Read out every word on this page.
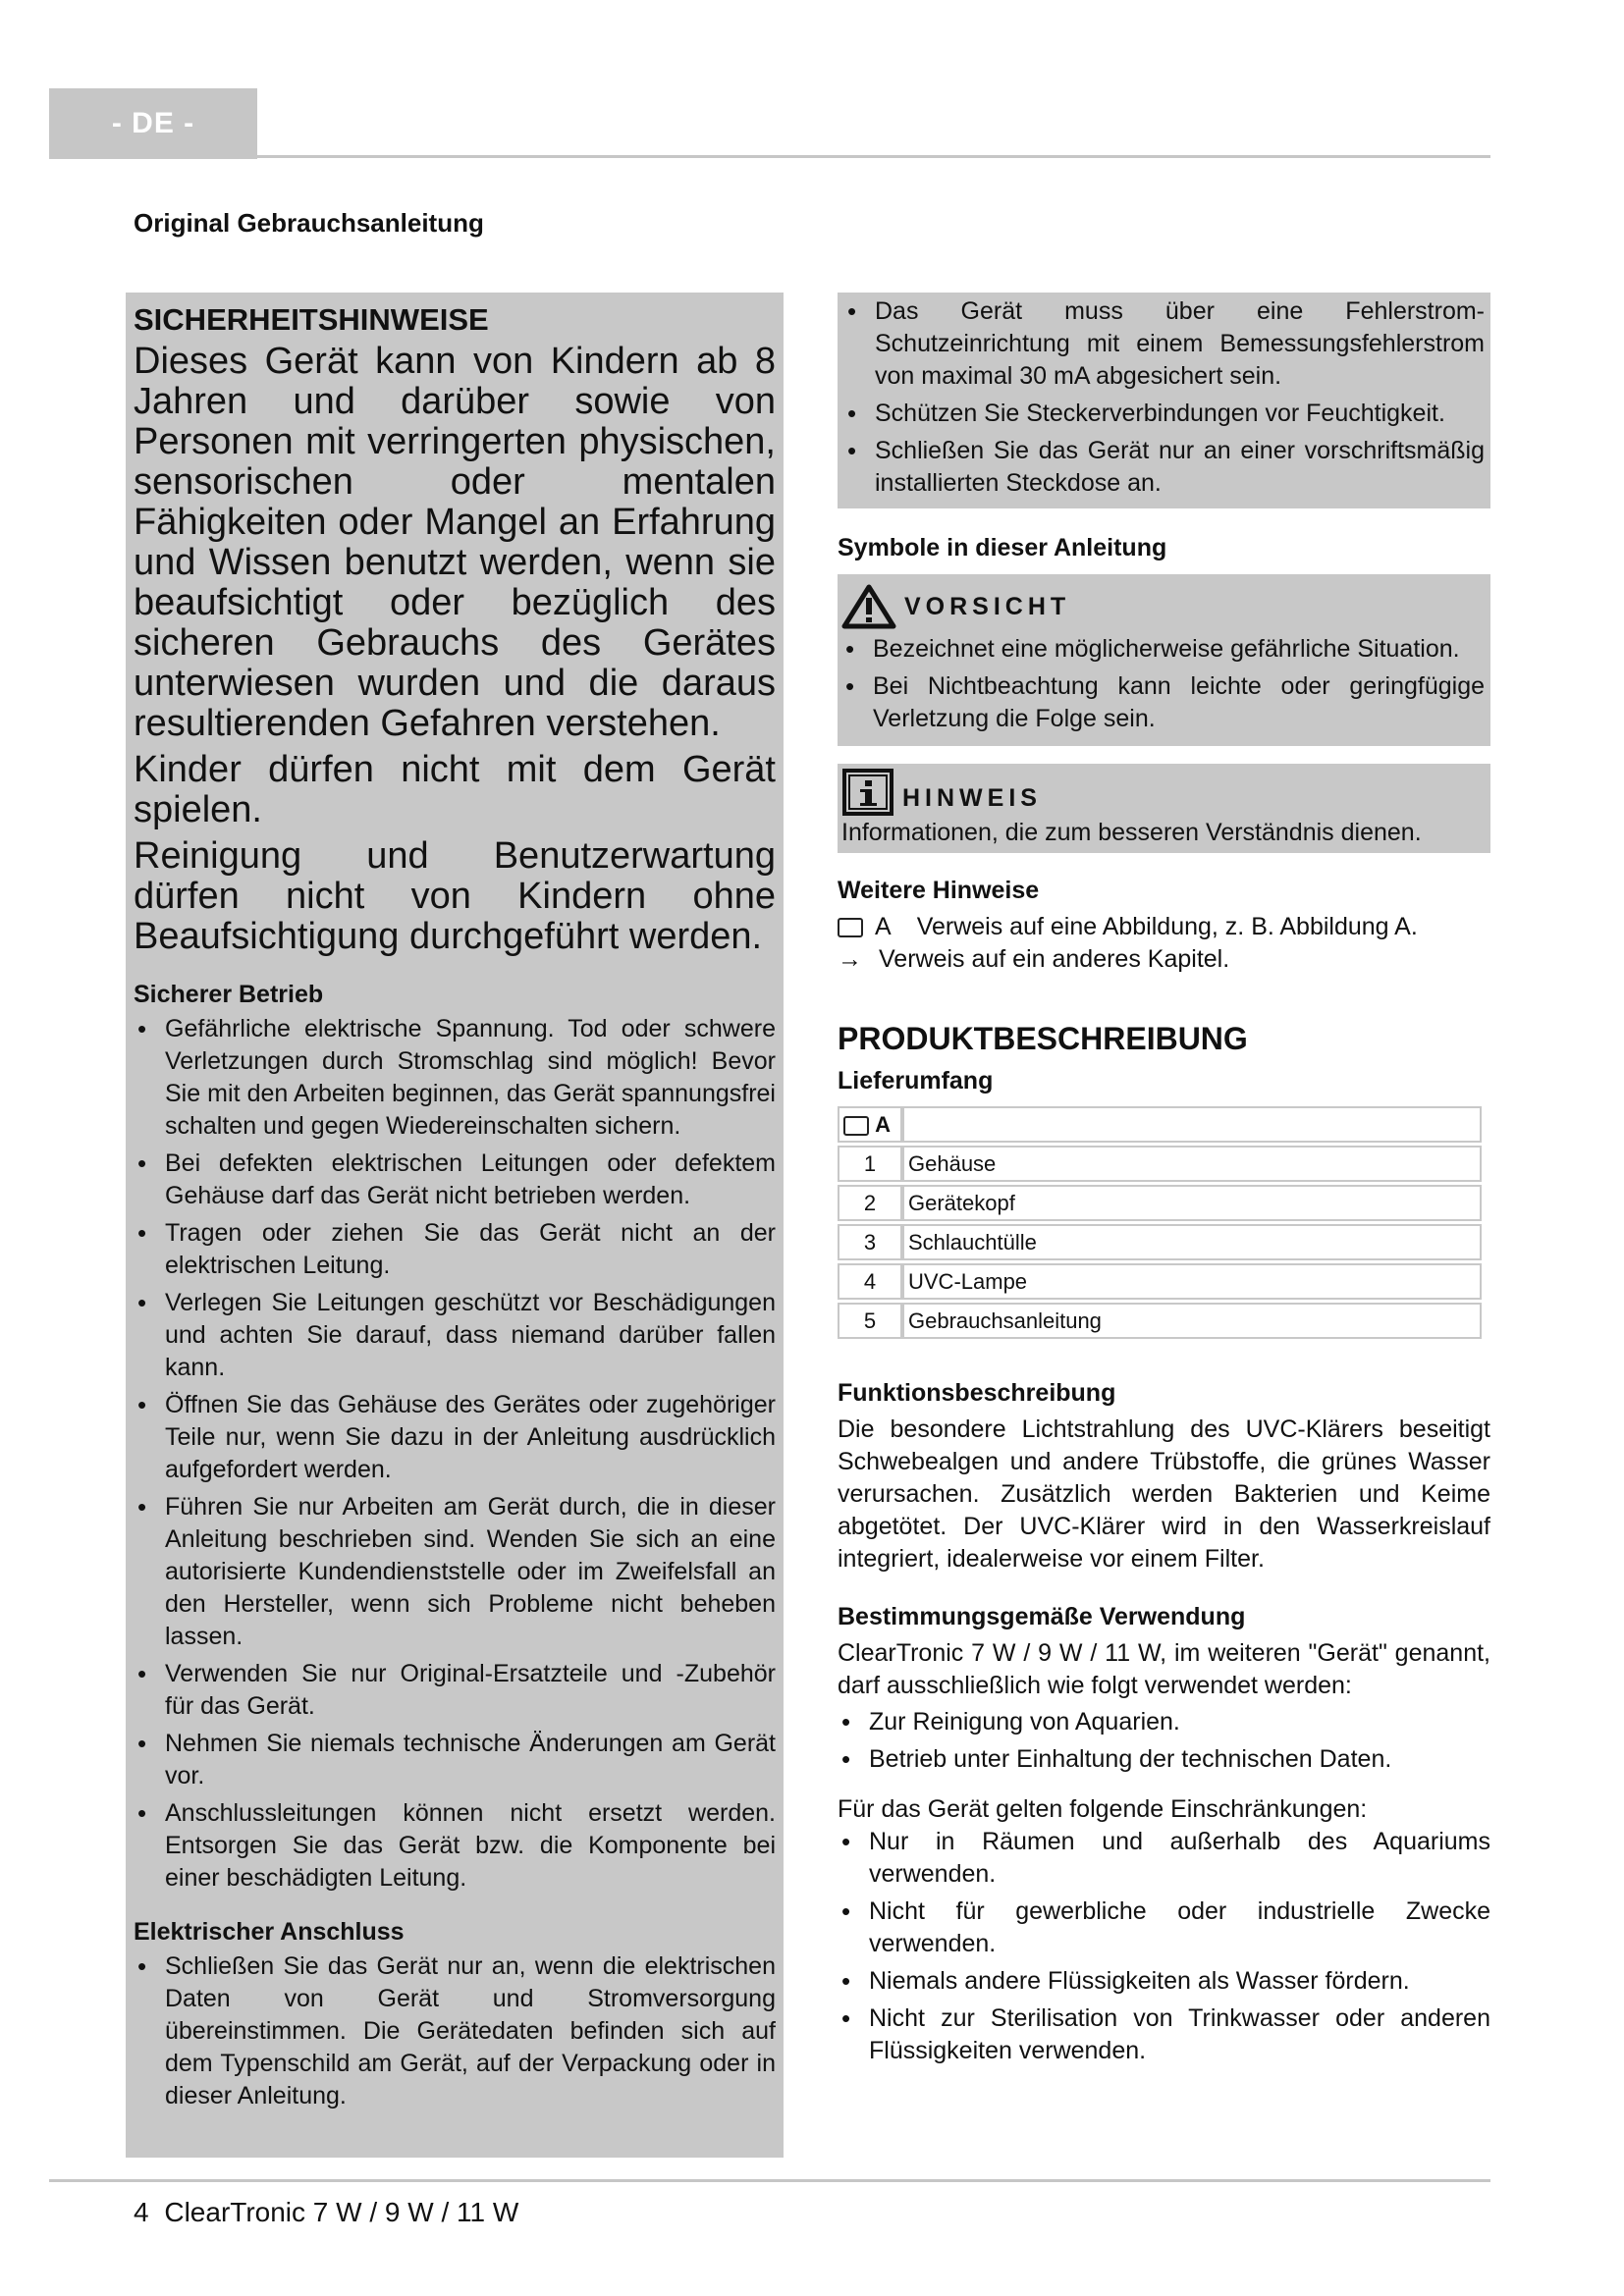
- DE -
Original Gebrauchsanleitung
SICHERHEITSHINWEISE

Dieses Gerät kann von Kindern ab 8 Jahren und darüber sowie von Personen mit verringerten physischen, sensorischen oder mentalen Fähigkeiten oder Mangel an Erfahrung und Wissen benutzt werden, wenn sie beaufsichtigt oder bezüglich des sicheren Gebrauchs des Gerätes unterwiesen wurden und die daraus resultierenden Gefahren verstehen.

Kinder dürfen nicht mit dem Gerät spielen.

Reinigung und Benutzerwartung dürfen nicht von Kindern ohne Beaufsichtigung durchgeführt werden.

Sicherer Betrieb
• Gefährliche elektrische Spannung. Tod oder schwere Verletzungen durch Stromschlag sind möglich! Bevor Sie mit den Arbeiten beginnen, das Gerät spannungsfrei schalten und gegen Wiedereinschalten sichern.
• Bei defekten elektrischen Leitungen oder defektem Gehäuse darf das Gerät nicht betrieben werden.
• Tragen oder ziehen Sie das Gerät nicht an der elektrischen Leitung.
• Verlegen Sie Leitungen geschützt vor Beschädigungen und achten Sie darauf, dass niemand darüber fallen kann.
• Öffnen Sie das Gehäuse des Gerätes oder zugehöriger Teile nur, wenn Sie dazu in der Anleitung ausdrücklich aufgefordert werden.
• Führen Sie nur Arbeiten am Gerät durch, die in dieser Anleitung beschrieben sind. Wenden Sie sich an eine autorisierte Kundendienststelle oder im Zweifelsfall an den Hersteller, wenn sich Probleme nicht beheben lassen.
• Verwenden Sie nur Original-Ersatzteile und -Zubehör für das Gerät.
• Nehmen Sie niemals technische Änderungen am Gerät vor.
• Anschlussleitungen können nicht ersetzt werden. Entsorgen Sie das Gerät bzw. die Komponente bei einer beschädigten Leitung.
Elektrischer Anschluss
• Schließen Sie das Gerät nur an, wenn die elektrischen Daten von Gerät und Stromversorgung übereinstimmen. Die Gerätedaten befinden sich auf dem Typenschild am Gerät, auf der Verpackung oder in dieser Anleitung.
• Das Gerät muss über eine Fehlerstrom-Schutzeinrichtung mit einem Bemessungsfehlerstrom von maximal 30 mA abgesichert sein.
• Schützen Sie Steckerverbindungen vor Feuchtigkeit.
• Schließen Sie das Gerät nur an einer vorschriftsmäßig installierten Steckdose an.
Symbole in dieser Anleitung
VORSICHT
• Bezeichnet eine möglicherweise gefährliche Situation.
• Bei Nichtbeachtung kann leichte oder geringfügige Verletzung die Folge sein.
HINWEIS

Informationen, die zum besseren Verständnis dienen.

Weitere Hinweise
A Verweis auf eine Abbildung, z. B. Abbildung A.
→ Verweis auf ein anderes Kapitel.
PRODUKTBESCHREIBUNG
Lieferumfang
A	
1	Gehäuse
2	Gerätekopf
3	Schlauchtülle
4	UVC-Lampe
5	Gebrauchsanleitung
Funktionsbeschreibung

Die besondere Lichtstrahlung des UVC-Klärers beseitigt Schwebealgen und andere Trübstoffe, die grünes Wasser verursachen. Zusätzlich werden Bakterien und Keime abgetötet. Der UVC-Klärer wird in den Wasserkreislauf integriert, idealerweise vor einem Filter.

Bestimmungsgemäße Verwendung

ClearTronic 7 W / 9 W / 11 W, im weiteren "Gerät" genannt, darf ausschließlich wie folgt verwendet werden:

• Zur Reinigung von Aquarien.
• Betrieb unter Einhaltung der technischen Daten.

Für das Gerät gelten folgende Einschränkungen:

• Nur in Räumen und außerhalb des Aquariums verwenden.
• Nicht für gewerbliche oder industrielle Zwecke verwenden.
• Niemals andere Flüssigkeiten als Wasser fördern.
• Nicht zur Sterilisation von Trinkwasser oder anderen Flüssigkeiten verwenden.
4 ClearTronic 7 W / 9 W / 11 W
